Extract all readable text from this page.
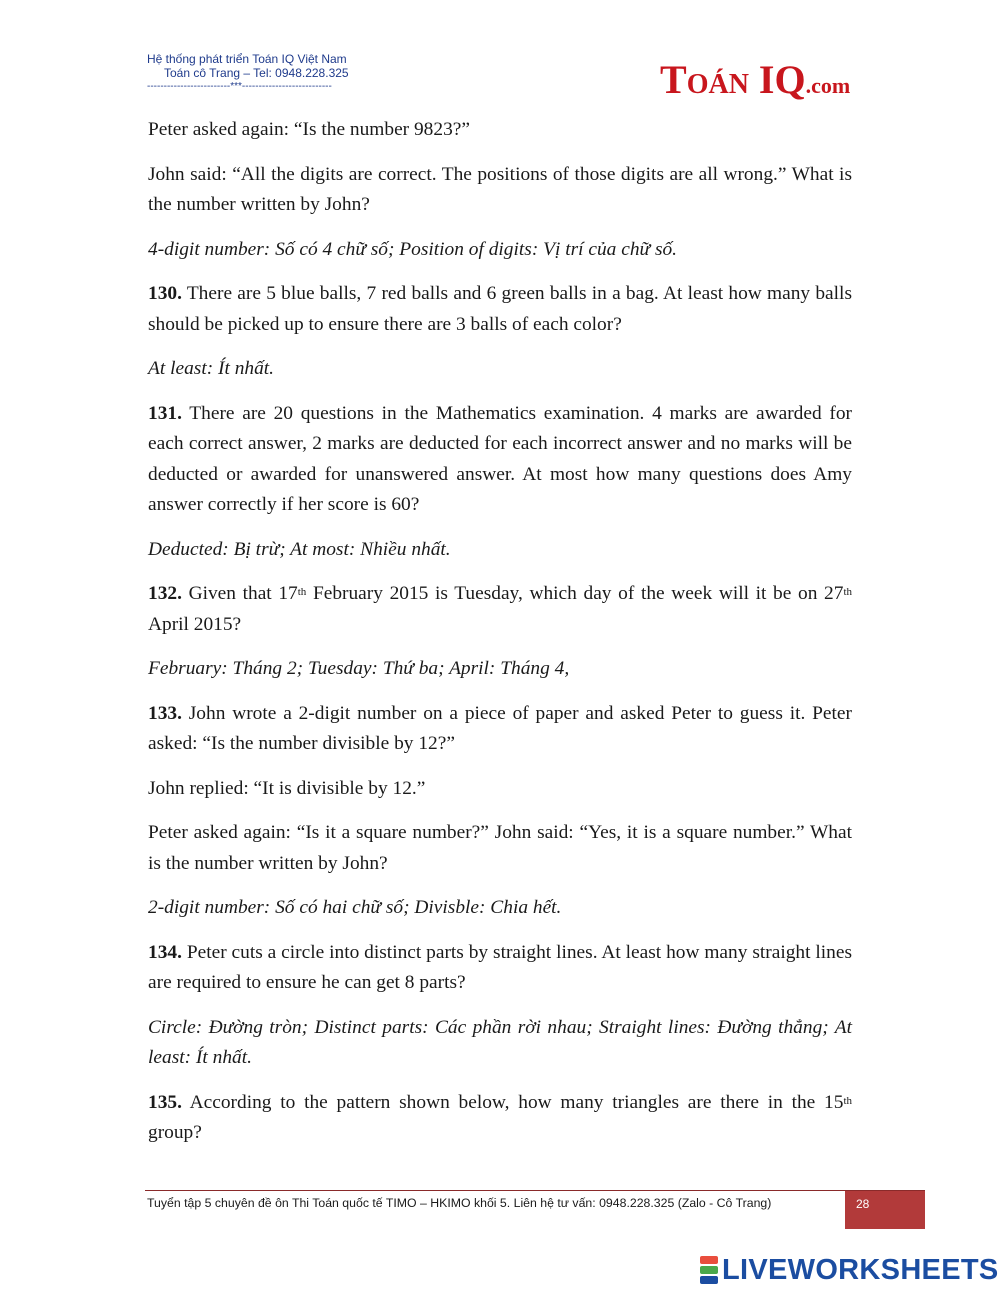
Hệ thống phát triển Toán IQ Việt Nam
Toán cô Trang – Tel: 0948.228.325
-------------------------***---------------------------	TOÁN IQ.com

Peter asked again: “Is the number 9823?”

John said: “All the digits are correct. The positions of those digits are all wrong.” What is the number written by John?

4-digit number: Số có 4 chữ số; Position of digits: Vị trí của chữ số.

130. There are 5 blue balls, 7 red balls and 6 green balls in a bag. At least how many balls should be picked up to ensure there are 3 balls of each color?

At least: Ít nhất.

131. There are 20 questions in the Mathematics examination. 4 marks are awarded for each correct answer, 2 marks are deducted for each incorrect answer and no marks will be deducted or awarded for unanswered answer. At most how many questions does Amy answer correctly if her score is 60?

Deducted: Bị trừ; At most: Nhiều nhất.

132. Given that 17th February 2015 is Tuesday, which day of the week will it be on 27th April 2015?

February: Tháng 2; Tuesday: Thứ ba; April: Tháng 4,

133. John wrote a 2-digit number on a piece of paper and asked Peter to guess it. Peter asked: “Is the number divisible by 12?”

John replied: “It is divisible by 12.”

Peter asked again: “Is it a square number?” John said: “Yes, it is a square number.” What is the number written by John?

2-digit number: Số có hai chữ số; Divisble: Chia hết.

134. Peter cuts a circle into distinct parts by straight lines. At least how many straight lines are required to ensure he can get 8 parts?

Circle: Đường tròn; Distinct parts: Các phần rời nhau; Straight lines: Đường thẳng; At least: Ít nhất.

135. According to the pattern shown below, how many triangles are there in the 15th group?

Tuyển tập 5 chuyên đề ôn Thi Toán quốc tế TIMO – HKIMO khối 5. Liên hệ tư vấn: 0948.228.325 (Zalo - Cô Trang)	28
LIVEWORKSHEETS
